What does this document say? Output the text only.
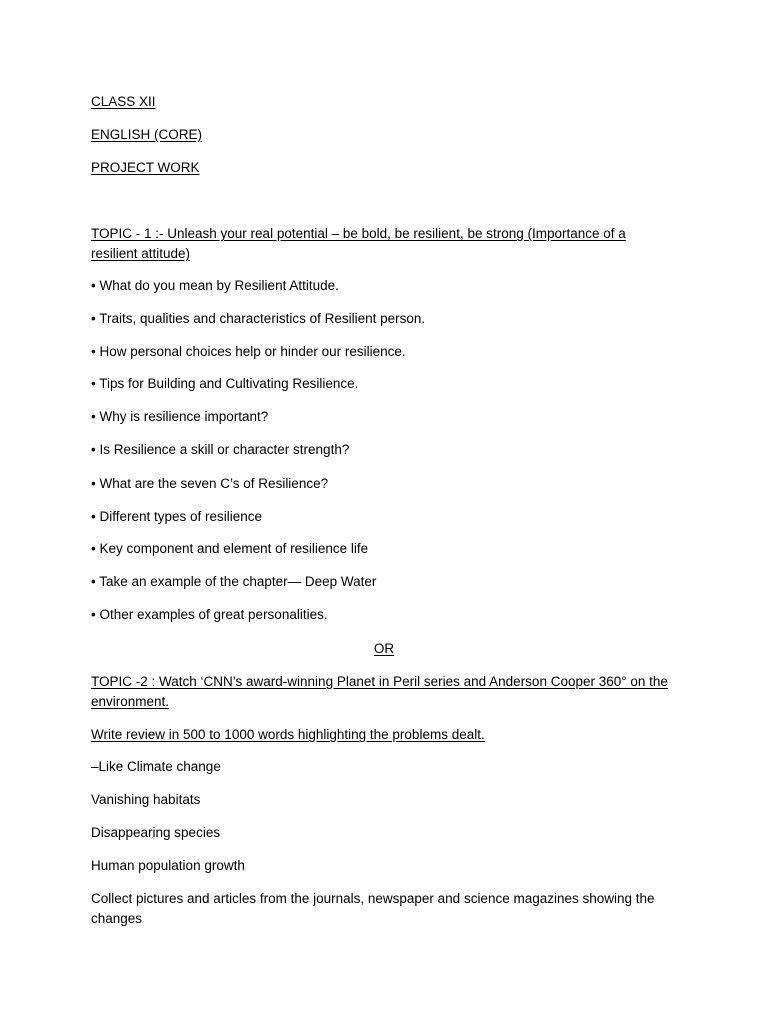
CLASS XII

ENGLISH (CORE)

PROJECT WORK

TOPIC - 1 :- Unleash your real potential – be bold, be resilient, be strong (Importance of a resilient attitude)

• What do you mean by Resilient Attitude.

• Traits, qualities and characteristics of Resilient person.

• How personal choices help or hinder our resilience.

• Tips for Building and Cultivating Resilience.

• Why is resilience important?

• Is Resilience a skill or character strength?

• What are the seven C’s of Resilience?

• Different types of resilience

• Key component and element of resilience life

• Take an example of the chapter— Deep Water

• Other examples of great personalities.

OR

TOPIC -2 : Watch ‘CNN’s award-winning Planet in Peril series and Anderson Cooper 360° on the environment.

Write review in 500 to 1000 words highlighting the problems dealt.

–Like Climate change

Vanishing habitats

Disappearing species

Human population growth

Collect pictures and articles from the journals, newspaper and science magazines showing the changes
